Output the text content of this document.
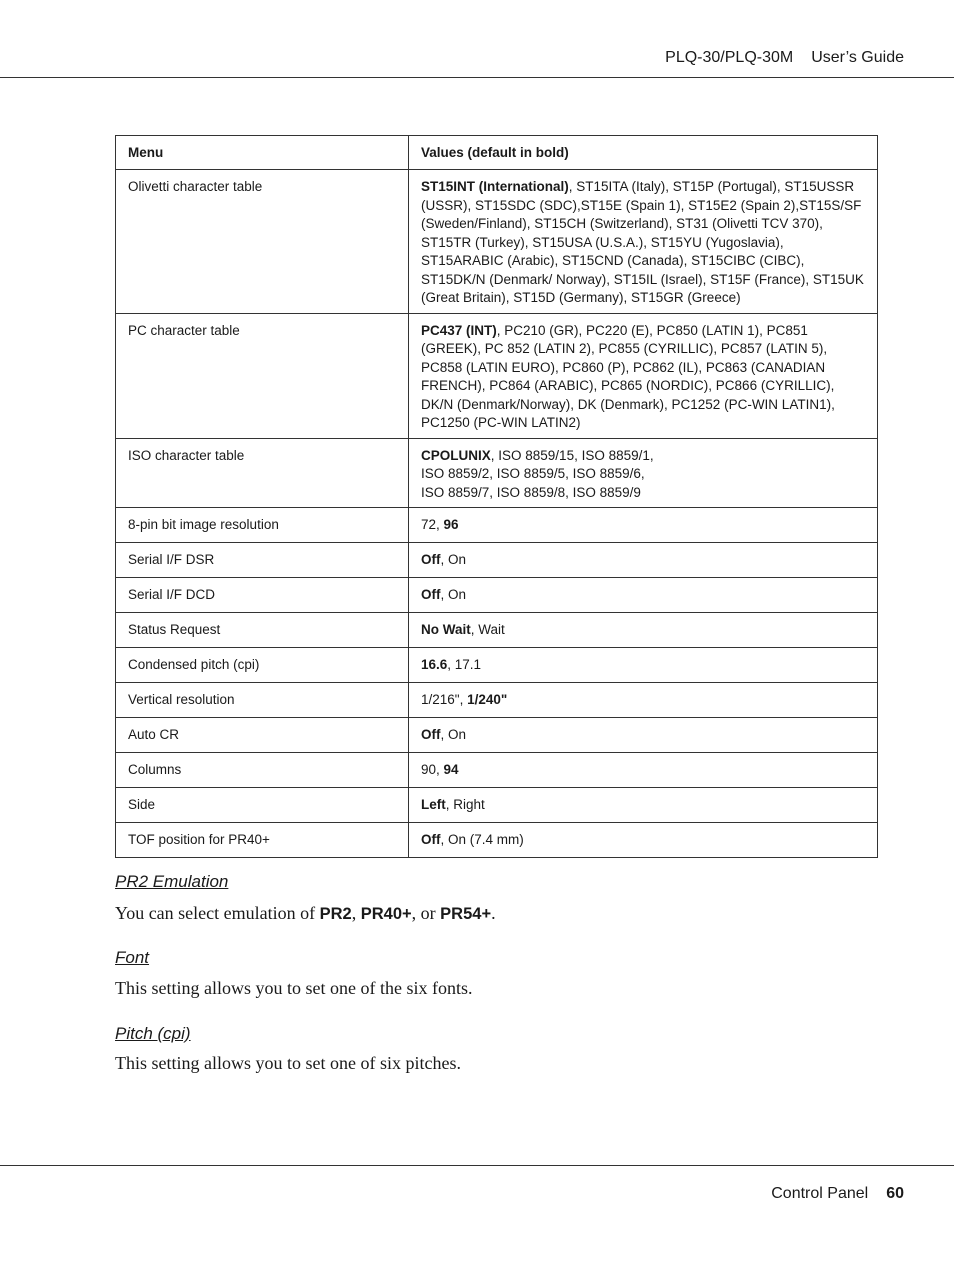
PLQ-30/PLQ-30M User’s Guide
Menu	Values (default in bold)
Olivetti character table	ST15INT (International), ST15ITA (Italy), ST15P (Portugal), ST15USSR (USSR), ST15SDC (SDC),ST15E (Spain 1), ST15E2 (Spain 2),ST15S/SF (Sweden/Finland), ST15CH (Switzerland), ST31 (Olivetti TCV 370), ST15TR (Turkey), ST15USA (U.S.A.), ST15YU (Yugoslavia), ST15ARABIC (Arabic), ST15CND (Canada), ST15CIBC (CIBC), ST15DK/N (Denmark/ Norway), ST15IL (Israel), ST15F (France), ST15UK (Great Britain), ST15D (Germany), ST15GR (Greece)
PC character table	PC437 (INT), PC210 (GR), PC220 (E), PC850 (LATIN 1), PC851 (GREEK), PC 852 (LATIN 2), PC855 (CYRILLIC), PC857 (LATIN 5), PC858 (LATIN EURO), PC860 (P), PC862 (IL), PC863 (CANADIAN FRENCH), PC864 (ARABIC), PC865 (NORDIC), PC866 (CYRILLIC), DK/N (Denmark/Norway), DK (Denmark), PC1252 (PC-WIN LATIN1), PC1250 (PC-WIN LATIN2)
ISO character table	CPOLUNIX, ISO 8859/15, ISO 8859/1,
ISO 8859/2, ISO 8859/5, ISO 8859/6,
ISO 8859/7, ISO 8859/8, ISO 8859/9
8-pin bit image resolution	72, 96
Serial I/F DSR	Off, On
Serial I/F DCD	Off, On
Status Request	No Wait, Wait
Condensed pitch (cpi)	16.6, 17.1
Vertical resolution	1/216", 1/240"
Auto CR	Off, On
Columns	90, 94
Side	Left, Right
TOF position for PR40+	Off, On (7.4 mm)
PR2 Emulation
You can select emulation of PR2, PR40+, or PR54+.
Font
This setting allows you to set one of the six fonts.
Pitch (cpi)
This setting allows you to set one of six pitches.
Control Panel 60
